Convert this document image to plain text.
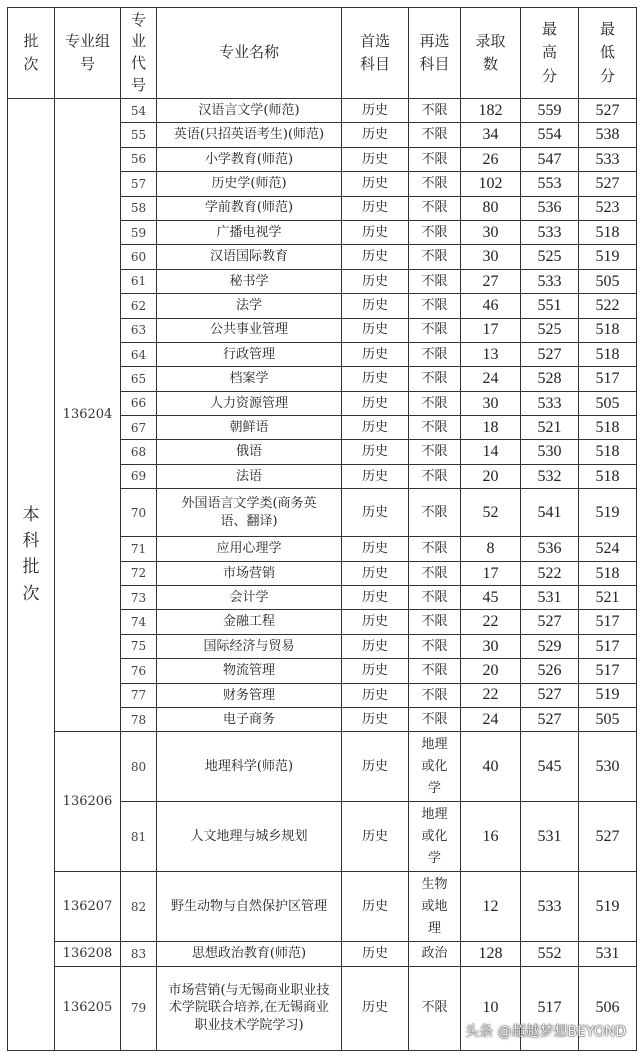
批次	专业组号	专业代号	专业名称	首选科目	再选科目	录取数	最高分	最低分
本科批次	136204	54	汉语言文学(师范)	历史	不限	182	559	527
		55	英语(只招英语考生)(师范)	历史	不限	34	554	538
		56	小学教育(师范)	历史	不限	26	547	533
		57	历史学(师范)	历史	不限	102	553	527
		58	学前教育(师范)	历史	不限	80	536	523
		59	广播电视学	历史	不限	30	533	518
		60	汉语国际教育	历史	不限	30	525	519
		61	秘书学	历史	不限	27	533	505
		62	法学	历史	不限	46	551	522
		63	公共事业管理	历史	不限	17	525	518
		64	行政管理	历史	不限	13	527	518
		65	档案学	历史	不限	24	528	517
		66	人力资源管理	历史	不限	30	533	505
		67	朝鲜语	历史	不限	18	521	518
		68	俄语	历史	不限	14	530	518
		69	法语	历史	不限	20	532	518
		70	外国语言文学类(商务英语、翻译)	历史	不限	52	541	519
		71	应用心理学	历史	不限	8	536	524
		72	市场营销	历史	不限	17	522	518
		73	会计学	历史	不限	45	531	521
		74	金融工程	历史	不限	22	527	517
		75	国际经济与贸易	历史	不限	30	529	517
		76	物流管理	历史	不限	20	526	517
		77	财务管理	历史	不限	22	527	519
		78	电子商务	历史	不限	24	527	505
	136206	80	地理科学(师范)	历史	地理或化学	40	545	530
		81	人文地理与城乡规划	历史	地理或化学	16	531	527
	136207	82	野生动物与自然保护区管理	历史	生物或地理	12	533	519
	136208	83	思想政治教育(师范)	历史	政治	128	552	531
	136205	79	市场营销(与无锡商业职业技术学院联合培养,在无锡商业职业技术学院学习)	历史	不限	10	517	506
头条 @超越梦想BEYOND
